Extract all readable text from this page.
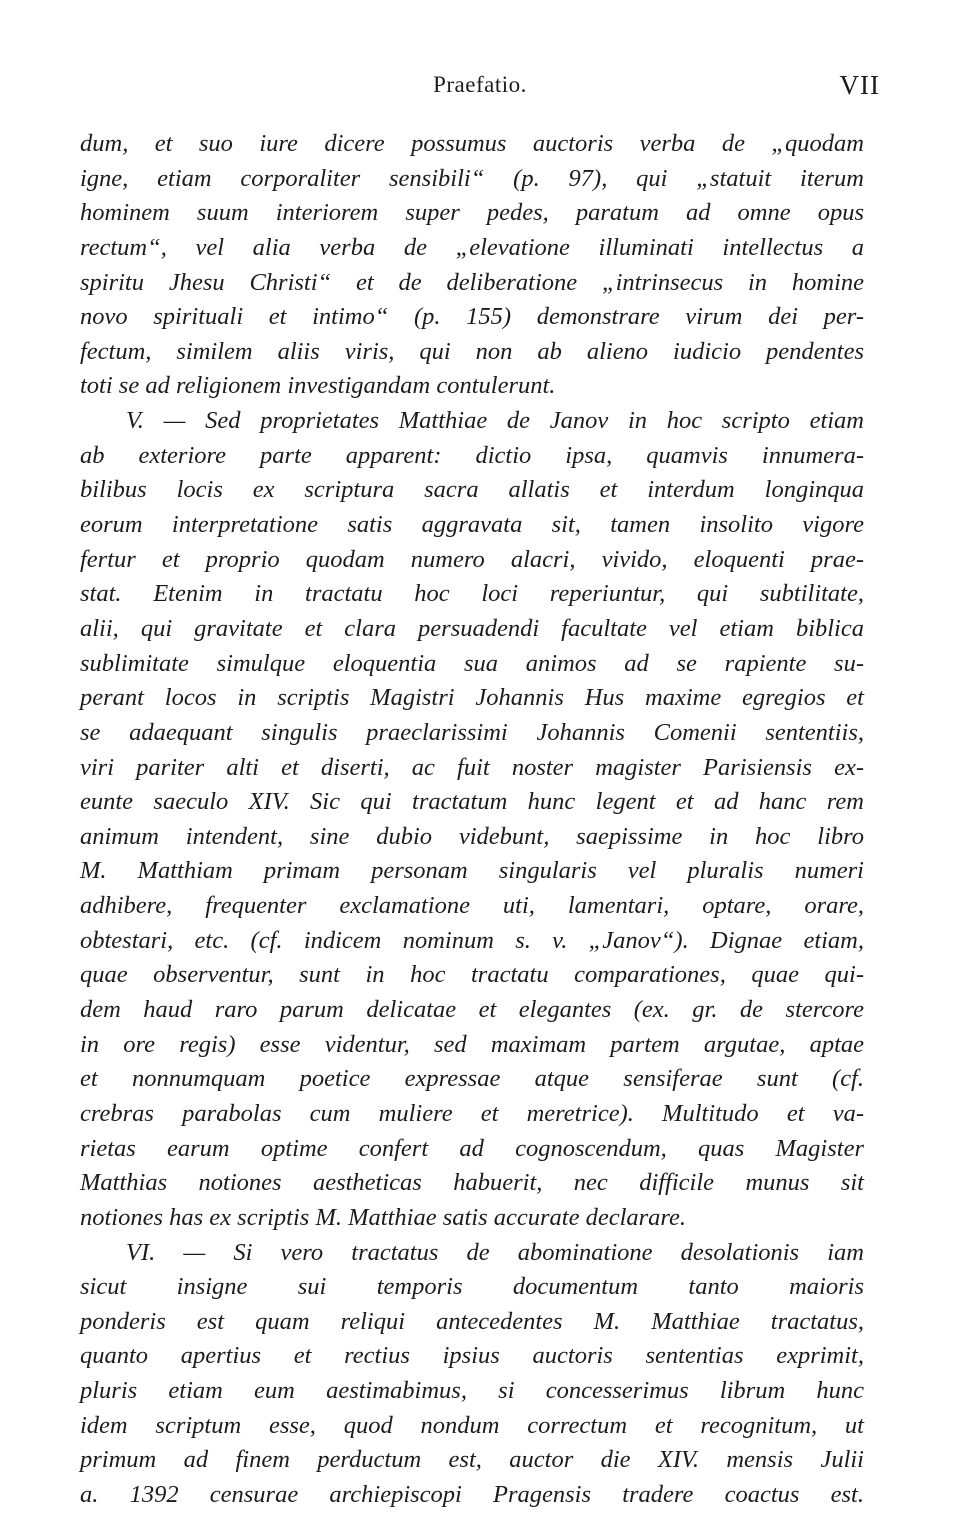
Praefatio.	VII
dum, et suo iure dicere possumus auctoris verba de „quodam
igne, etiam corporaliter sensibili“ (p. 97), qui „statuit iterum
hominem suum interiorem super pedes, paratum ad omne opus
rectum“, vel alia verba de „elevatione illuminati intellectus a
spiritu Jhesu Christi“ et de deliberatione „intrinsecus in homine
novo spirituali et intimo“ (p. 155) demonstrare virum dei per-
fectum, similem aliis viris, qui non ab alieno iudicio pendentes
toti se ad religionem investigandam contulerunt.
V. — Sed proprietates Matthiae de Janov in hoc scripto etiam
ab exteriore parte apparent: dictio ipsa, quamvis innumera-
bilibus locis ex scriptura sacra allatis et interdum longinqua
eorum interpretatione satis aggravata sit, tamen insolito vigore
fertur et proprio quodam numero alacri, vivido, eloquenti prae-
stat. Etenim in tractatu hoc loci reperiuntur, qui subtilitate,
alii, qui gravitate et clara persuadendi facultate vel etiam biblica
sublimitate simulque eloquentia sua animos ad se rapiente su-
perant locos in scriptis Magistri Johannis Hus maxime egregios et
se adaequant singulis praeclarissimi Johannis Comenii sententiis,
viri pariter alti et diserti, ac fuit noster magister Parisiensis ex-
eunte saeculo XIV. Sic qui tractatum hunc legent et ad hanc rem
animum intendent, sine dubio videbunt, saepissime in hoc libro
M. Matthiam primam personam singularis vel pluralis numeri
adhibere, frequenter exclamatione uti, lamentari, optare, orare,
obtestari, etc. (cf. indicem nominum s. v. „Janov“). Dignae etiam,
quae observentur, sunt in hoc tractatu comparationes, quae qui-
dem haud raro parum delicatae et elegantes (ex. gr. de stercore
in ore regis) esse videntur, sed maximam partem argutae, aptae
et nonnumquam poetice expressae atque sensiferae sunt (cf.
crebras parabolas cum muliere et meretrice). Multitudo et va-
rietas earum optime confert ad cognoscendum, quas Magister
Matthias notiones aestheticas habuerit, nec difficile munus sit
notiones has ex scriptis M. Matthiae satis accurate declarare.
VI. — Si vero tractatus de abominatione desolationis iam
sicut insigne sui temporis documentum tanto maioris
ponderis est quam reliqui antecedentes M. Matthiae tractatus,
quanto apertius et rectius ipsius auctoris sententias exprimit,
pluris etiam eum aestimabimus, si concesserimus librum hunc
idem scriptum esse, quod nondum correctum et recognitum, ut
primum ad finem perductum est, auctor die XIV. mensis Julii
a. 1392 censurae archiepiscopi Pragensis tradere coactus est.
